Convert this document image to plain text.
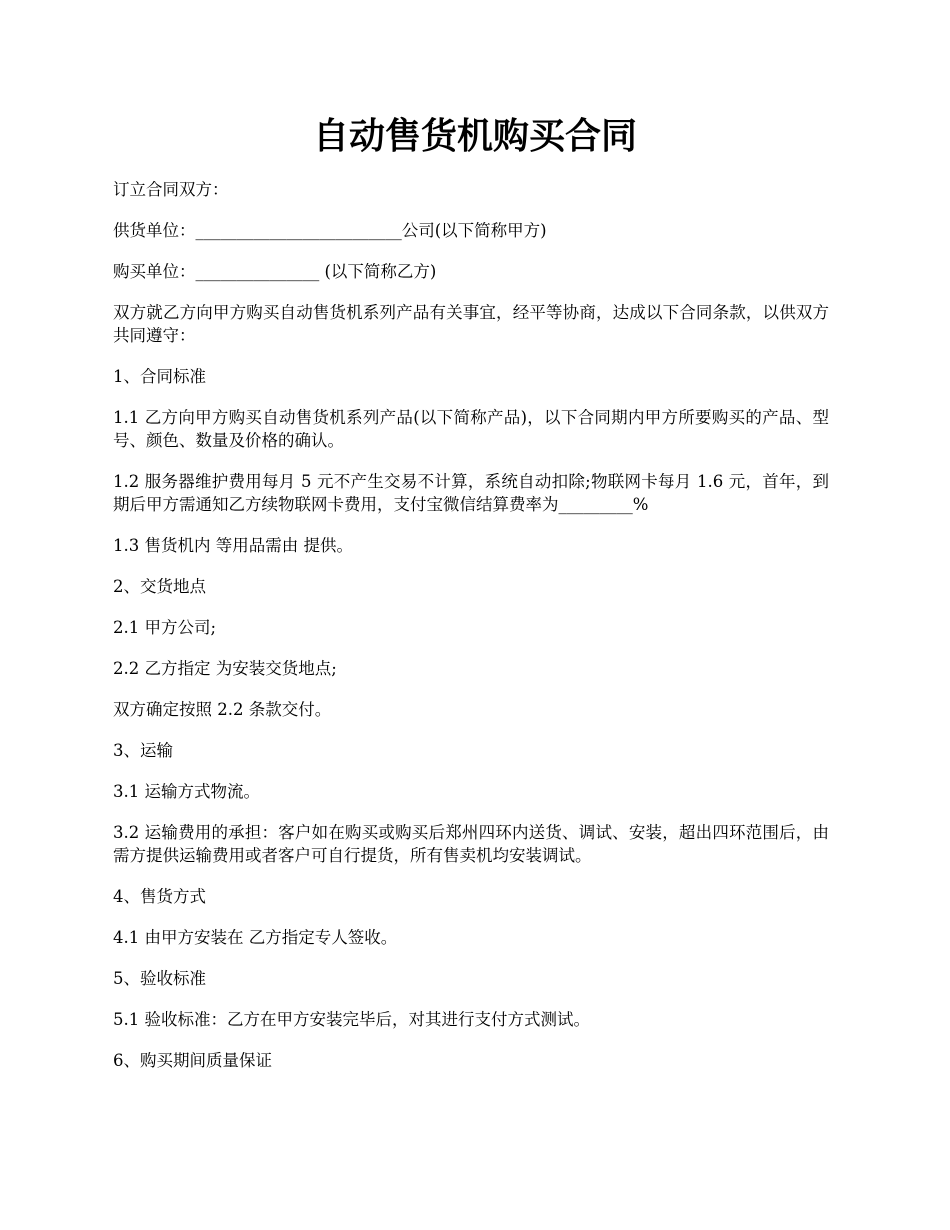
自动售货机购买合同

订立合同双方：

供货单位：_________________________公司(以下简称甲方)

购买单位：_______________ (以下简称乙方)

双方就乙方向甲方购买自动售货机系列产品有关事宜，经平等协商，达成以下合同条款，以供双方共同遵守：

1、合同标准

1.1 乙方向甲方购买自动售货机系列产品(以下简称产品)，以下合同期内甲方所要购买的产品、型号、颜色、数量及价格的确认。

1.2 服务器维护费用每月 5 元不产生交易不计算，系统自动扣除;物联网卡每月 1.6 元，首年，到期后甲方需通知乙方续物联网卡费用，支付宝微信结算费率为_________%

1.3 售货机内 等用品需由 提供。

2、交货地点

2.1 甲方公司;

2.2 乙方指定 为安装交货地点;

双方确定按照 2.2 条款交付。

3、运输

3.1 运输方式物流。

3.2 运输费用的承担：客户如在购买或购买后郑州四环内送货、调试、安装，超出四环范围后，由需方提供运输费用或者客户可自行提货，所有售卖机均安装调试。

4、售货方式

4.1 由甲方安装在 乙方指定专人签收。

5、验收标准

5.1 验收标准：乙方在甲方安装完毕后，对其进行支付方式测试。

6、购买期间质量保证
